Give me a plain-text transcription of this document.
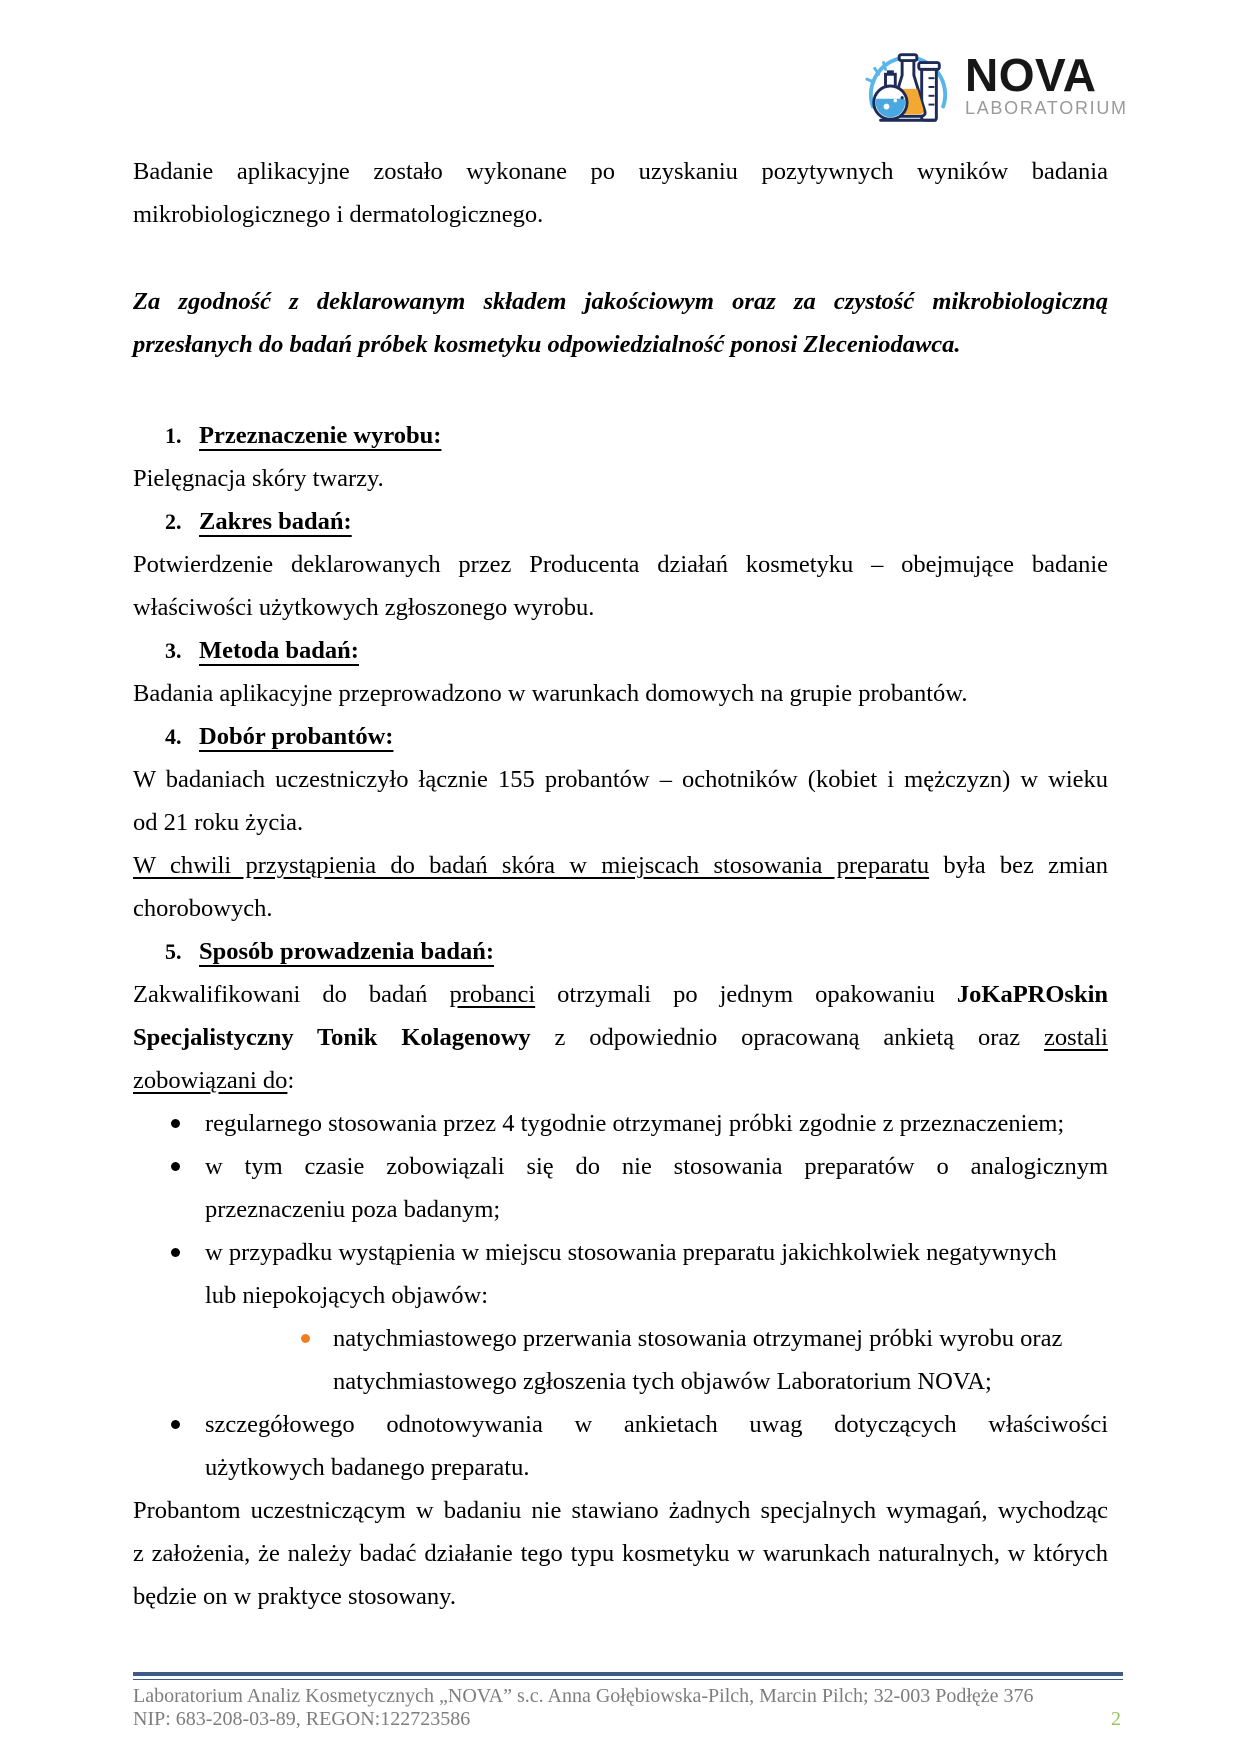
NOVA
LABORATORIUM
Badanie aplikacyjne zostało wykonane po uzyskaniu pozytywnych wyników badania
mikrobiologicznego i dermatologicznego.
Za zgodność z deklarowanym składem jakościowym oraz za czystość mikrobiologiczną
przesłanych do badań próbek kosmetyku odpowiedzialność ponosi Zleceniodawca.
1. Przeznaczenie wyrobu:
Pielęgnacja skóry twarzy.
2. Zakres badań:
Potwierdzenie deklarowanych przez Producenta działań kosmetyku – obejmujące badanie
właściwości użytkowych zgłoszonego wyrobu.
3. Metoda badań:
Badania aplikacyjne przeprowadzono w warunkach domowych na grupie probantów.
4. Dobór probantów:
W badaniach uczestniczyło łącznie 155 probantów – ochotników (kobiet i mężczyzn) w wieku
od 21 roku życia.
W chwili przystąpienia do badań skóra w miejscach stosowania preparatu była bez zmian
chorobowych.
5. Sposób prowadzenia badań:
Zakwalifikowani do badań probanci otrzymali po jednym opakowaniu JoKaPROskin
Specjalistyczny Tonik Kolagenowy z odpowiednio opracowaną ankietą oraz zostali
zobowiązani do:
regularnego stosowania przez 4 tygodnie otrzymanej próbki zgodnie z przeznaczeniem;
w tym czasie zobowiązali się do nie stosowania preparatów o analogicznym
przeznaczeniu poza badanym;
w przypadku wystąpienia w miejscu stosowania preparatu jakichkolwiek negatywnych
lub niepokojących objawów:
natychmiastowego przerwania stosowania otrzymanej próbki wyrobu oraz
natychmiastowego zgłoszenia tych objawów Laboratorium NOVA;
szczegółowego odnotowywania w ankietach uwag dotyczących właściwości
użytkowych badanego preparatu.
Probantom uczestniczącym w badaniu nie stawiano żadnych specjalnych wymagań, wychodząc
z założenia, że należy badać działanie tego typu kosmetyku w warunkach naturalnych, w których
będzie on w praktyce stosowany.
Laboratorium Analiz Kosmetycznych „NOVA” s.c. Anna Gołębiowska-Pilch, Marcin Pilch; 32-003 Podłęże 376
NIP: 683-208-03-89, REGON:122723586	2
